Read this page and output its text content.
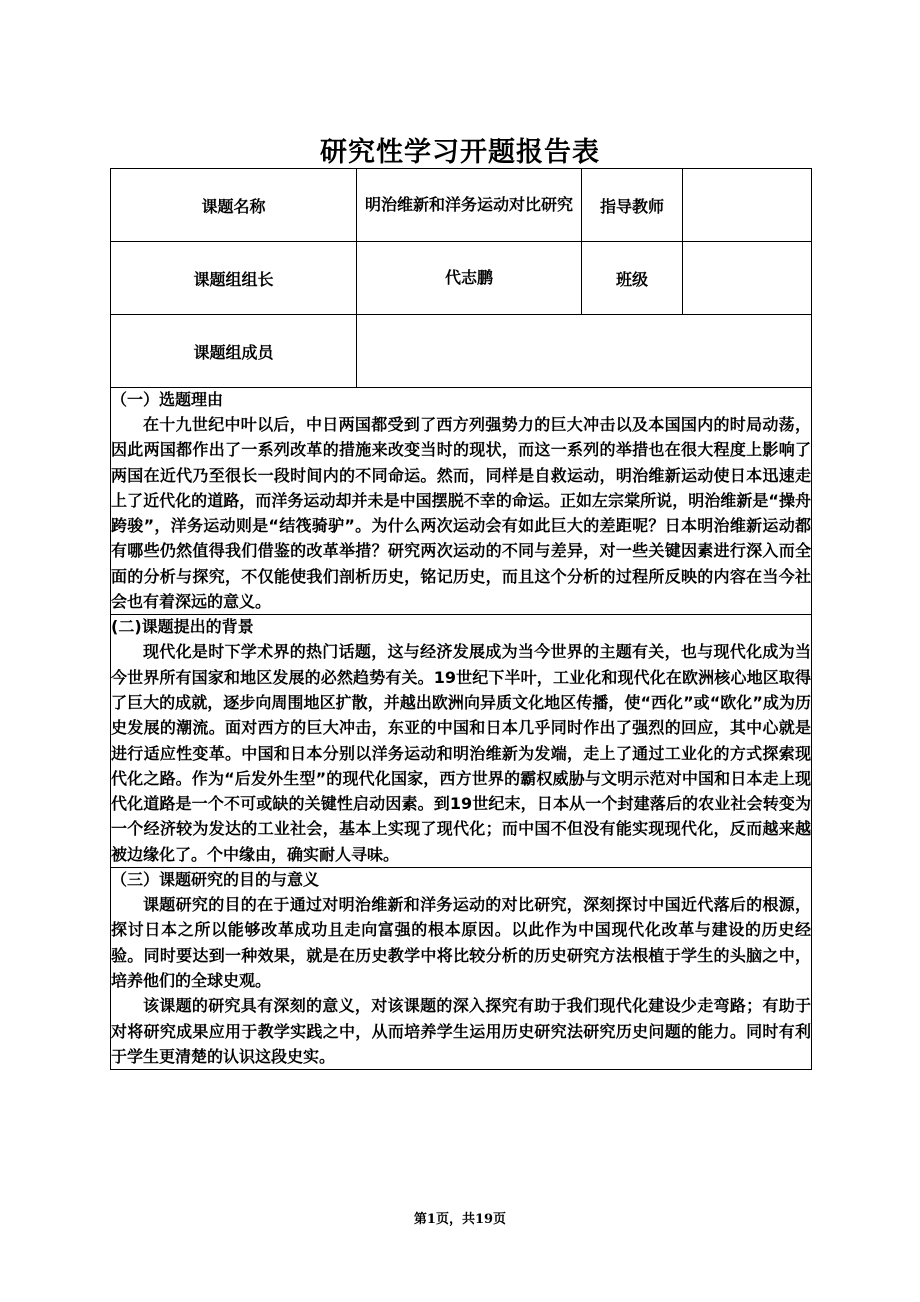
研究性学习开题报告表
课题名称	明治维新和洋务运动对比研究	指导教师	
课题组组长	代志鹏	班级	
课题组成员			

（一）选题理由

在十九世纪中叶以后，中日两国都受到了西方列强势力的巨大冲击以及本国国内的时局动荡，因此两国都作出了一系列改革的措施来改变当时的现状，而这一系列的举措也在很大程度上影响了两国在近代乃至很长一段时间内的不同命运。然而，同样是自救运动，明治维新运动使日本迅速走上了近代化的道路，而洋务运动却并未是中国摆脱不幸的命运。正如左宗棠所说，明治维新是“操舟跨骏”，洋务运动则是“结筏骑驴”。为什么两次运动会有如此巨大的差距呢？日本明治维新运动都有哪些仍然值得我们借鉴的改革举措？研究两次运动的不同与差异，对一些关键因素进行深入而全面的分析与探究，不仅能使我们剖析历史，铭记历史，而且这个分析的过程所反映的内容在当今社会也有着深远的意义。			

(二)课题提出的背景

现代化是时下学术界的热门话题，这与经济发展成为当今世界的主题有关，也与现代化成为当今世界所有国家和地区发展的必然趋势有关。19世纪下半叶，工业化和现代化在欧洲核心地区取得了巨大的成就，逐步向周围地区扩散，并越出欧洲向异质文化地区传播，使“西化”或“欧化”成为历史发展的潮流。面对西方的巨大冲击，东亚的中国和日本几乎同时作出了强烈的回应，其中心就是进行适应性变革。中国和日本分别以洋务运动和明治维新为发端，走上了通过工业化的方式探索现代化之路。作为“后发外生型”的现代化国家，西方世界的霸权威胁与文明示范对中国和日本走上现代化道路是一个不可或缺的关键性启动因素。到19世纪末，日本从一个封建落后的农业社会转变为一个经济较为发达的工业社会，基本上实现了现代化；而中国不但没有能实现现代化，反而越来越被边缘化了。个中缘由，确实耐人寻味。			

（三）课题研究的目的与意义

课题研究的目的在于通过对明治维新和洋务运动的对比研究，深刻探讨中国近代落后的根源，探讨日本之所以能够改革成功且走向富强的根本原因。以此作为中国现代化改革与建设的历史经验。同时要达到一种效果，就是在历史教学中将比较分析的历史研究方法根植于学生的头脑之中，培养他们的全球史观。

该课题的研究具有深刻的意义，对该课题的深入探究有助于我们现代化建设少走弯路；有助于对将研究成果应用于教学实践之中，从而培养学生运用历史研究法研究历史问题的能力。同时有利于学生更清楚的认识这段史实。			

第1页，共19页
